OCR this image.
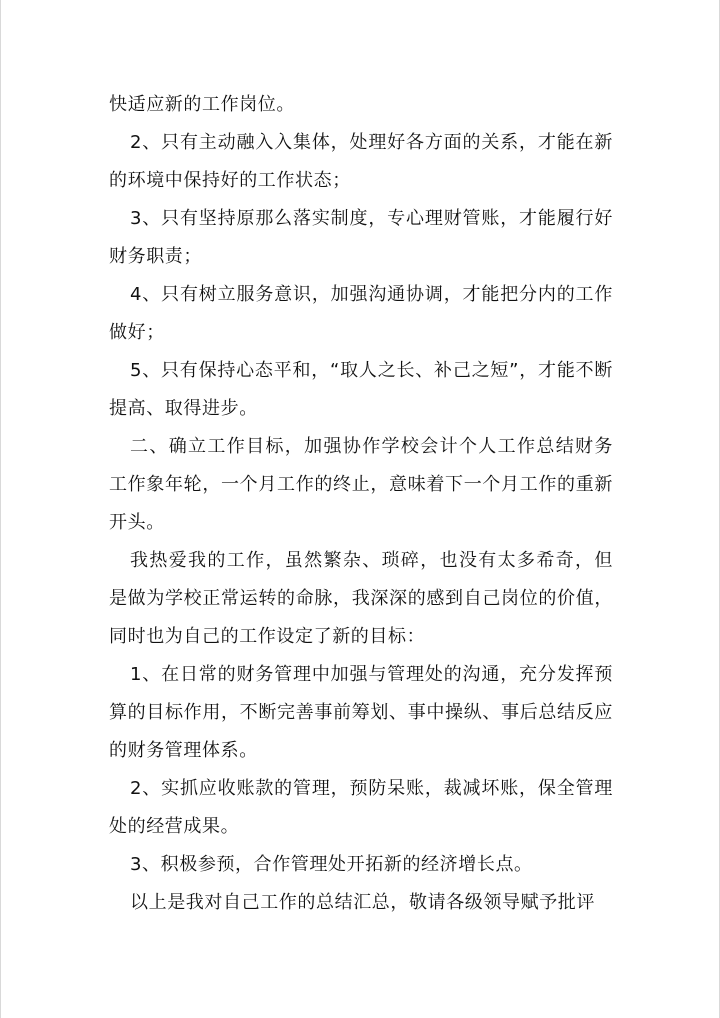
快适应新的工作岗位。

2、只有主动融入入集体，处理好各方面的关系，才能在新的环境中保持好的工作状态；

3、只有坚持原那么落实制度，专心理财管账，才能履行好财务职责；

4、只有树立服务意识，加强沟通协调，才能把分内的工作做好；

5、只有保持心态平和，“取人之长、补己之短”，才能不断提高、取得进步。

二、确立工作目标，加强协作学校会计个人工作总结财务工作象年轮，一个月工作的终止，意味着下一个月工作的重新开头。

我热爱我的工作，虽然繁杂、琐碎，也没有太多希奇，但是做为学校正常运转的命脉，我深深的感到自己岗位的价值，同时也为自己的工作设定了新的目标：

1、在日常的财务管理中加强与管理处的沟通，充分发挥预算的目标作用，不断完善事前筹划、事中操纵、事后总结反应的财务管理体系。

2、实抓应收账款的管理，预防呆账，裁减坏账，保全管理处的经营成果。

3、积极参预，合作管理处开拓新的经济增长点。

以上是我对自己工作的总结汇总，敬请各级领导赋予批评
